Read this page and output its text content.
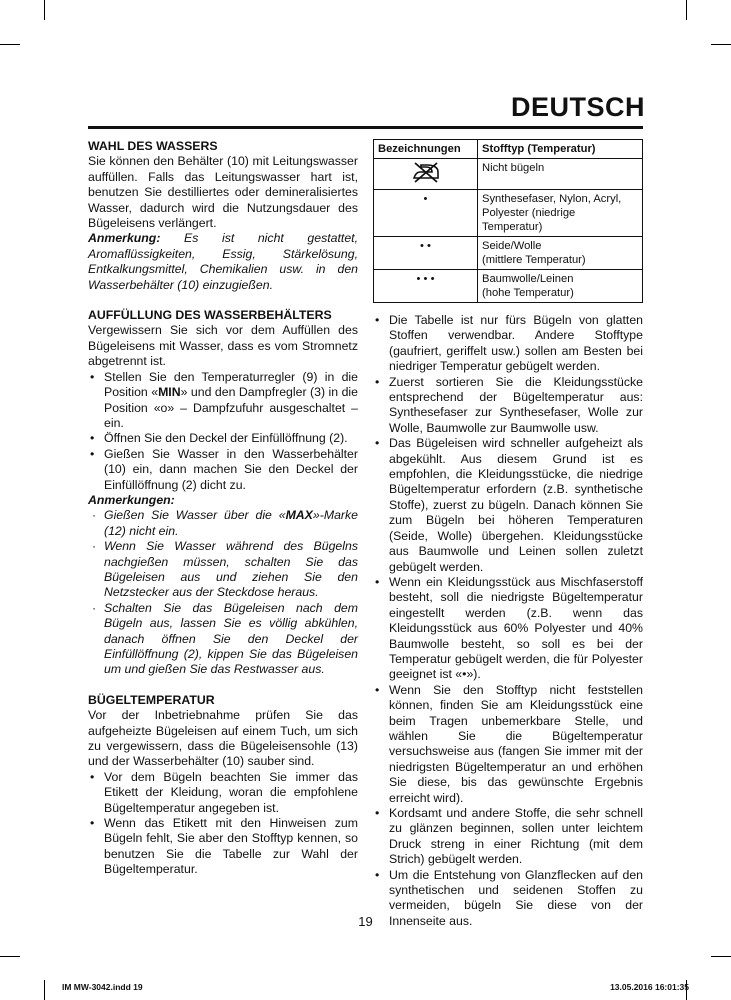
DEUTSCH
WAHL DES WASSERS

Sie können den Behälter (10) mit Leitungswasser auffüllen. Falls das Leitungswasser hart ist, benutzen Sie destilliertes oder demineralisiertes Wasser, dadurch wird die Nutzungsdauer des Bügeleisens verlängert.

Anmerkung: Es ist nicht gestattet, Aromaflüssigkeiten, Essig, Stärkelösung, Entkalkungsmittel, Chemikalien usw. in den Wasserbehälter (10) einzugießen.

AUFFÜLLUNG DES WASSERBEHÄLTERS

Vergewissern Sie sich vor dem Auffüllen des Bügeleisens mit Wasser, dass es vom Stromnetz abgetrennt ist.

• Stellen Sie den Temperaturregler (9) in die Position «MIN» und den Dampfregler (3) in die Position «o» – Dampfzufuhr ausgeschaltet – ein.
• Öffnen Sie den Deckel der Einfüllöffnung (2).
• Gießen Sie Wasser in den Wasserbehälter (10) ein, dann machen Sie den Deckel der Einfüllöffnung (2) dicht zu.

Anmerkungen:

· Gießen Sie Wasser über die «MAX»-Marke (12) nicht ein.
· Wenn Sie Wasser während des Bügelns nachgießen müssen, schalten Sie das Bügeleisen aus und ziehen Sie den Netzstecker aus der Steckdose heraus.
· Schalten Sie das Bügeleisen nach dem Bügeln aus, lassen Sie es völlig abkühlen, danach öffnen Sie den Deckel der Einfüllöffnung (2), kippen Sie das Bügeleisen um und gießen Sie das Restwasser aus.
BÜGELTEMPERATUR

Vor der Inbetriebnahme prüfen Sie das aufgeheizte Bügeleisen auf einem Tuch, um sich zu vergewissern, dass die Bügeleisensohle (13) und der Wasserbehälter (10) sauber sind.

• Vor dem Bügeln beachten Sie immer das Etikett der Kleidung, woran die empfohlene Bügeltemperatur angegeben ist.
• Wenn das Etikett mit den Hinweisen zum Bügeln fehlt, Sie aber den Stofftyp kennen, so benutzen Sie die Tabelle zur Wahl der Bügeltemperatur.
Bezeichnungen	Stofftyp (Temperatur)
	Nicht bügeln
•	Synthesefaser, Nylon, Acryl,
Polyester (niedrige Temperatur)

• •	Seide/Wolle
(mittlere Temperatur)

• • •	Baumwolle/Leinen
(hohe Temperatur)
• Die Tabelle ist nur fürs Bügeln von glatten Stoffen verwendbar. Andere Stofftype (gaufriert, geriffelt usw.) sollen am Besten bei niedriger Temperatur gebügelt werden.
• Zuerst sortieren Sie die Kleidungsstücke entsprechend der Bügeltemperatur aus: Synthesefaser zur Synthesefaser, Wolle zur Wolle, Baumwolle zur Baumwolle usw.
• Das Bügeleisen wird schneller aufgeheizt als abgekühlt. Aus diesem Grund ist es empfohlen, die Kleidungsstücke, die niedrige Bügeltemperatur erfordern (z.B. synthetische Stoffe), zuerst zu bügeln. Danach können Sie zum Bügeln bei höheren Temperaturen (Seide, Wolle) übergehen. Kleidungsstücke aus Baumwolle und Leinen sollen zuletzt gebügelt werden.
• Wenn ein Kleidungsstück aus Mischfaserstoff besteht, soll die niedrigste Bügeltemperatur eingestellt werden (z.B. wenn das Kleidungsstück aus 60% Polyester und 40% Baumwolle besteht, so soll es bei der Temperatur gebügelt werden, die für Polyester geeignet ist «•»).
• Wenn Sie den Stofftyp nicht feststellen können, finden Sie am Kleidungsstück eine beim Tragen unbemerkbare Stelle, und wählen Sie die Bügeltemperatur versuchsweise aus (fangen Sie immer mit der niedrigsten Bügeltemperatur an und erhöhen Sie diese, bis das gewünschte Ergebnis erreicht wird).
• Kordsamt und andere Stoffe, die sehr schnell zu glänzen beginnen, sollen unter leichtem Druck streng in einer Richtung (mit dem Strich) gebügelt werden.
• Um die Entstehung von Glanzflecken auf den synthetischen und seidenen Stoffen zu vermeiden, bügeln Sie diese von der Innenseite aus.
19
IM MW-3042.indd 19	13.05.2016 16:01:35
